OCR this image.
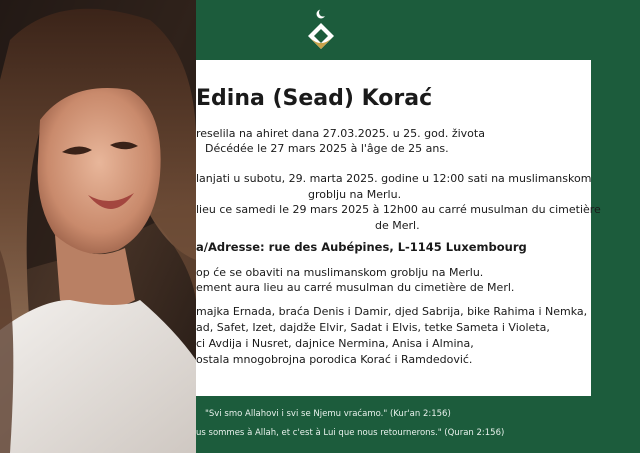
Edina (Sead) Korać
reselila na ahiret dana 27.03.2025. u 25. god. života
Décédée le 27 mars 2025 à l'âge de 25 ans.
lanjati u subotu, 29. marta 2025. godine u 12:00 sati na muslimanskom
groblju na Merlu.
lieu ce samedi le 29 mars 2025 à 12h00 au carré musulman du cimetière
de Merl.
a/Adresse: rue des Aubépines, L-1145 Luxembourg
op će se obaviti na muslimanskom groblju na Merlu.
ement aura lieu au carré musulman du cimetière de Merl.
majka Ernada, braća Denis i Damir, djed Sabrija, bike Rahima i Nemka,
ad, Safet, Izet, dajdže Elvir, Sadat i Elvis, tetke Sameta i Violeta,
ci Avdija i Nusret, dajnice Nermina, Anisa i Almina,
ostala mnogobrojna porodica Korać i Ramdedović.
"Svi smo Allahovi i svi se Njemu vraćamo." (Kur'an 2:156)
us sommes à Allah, et c'est à Lui que nous retournerons." (Quran 2:156)
